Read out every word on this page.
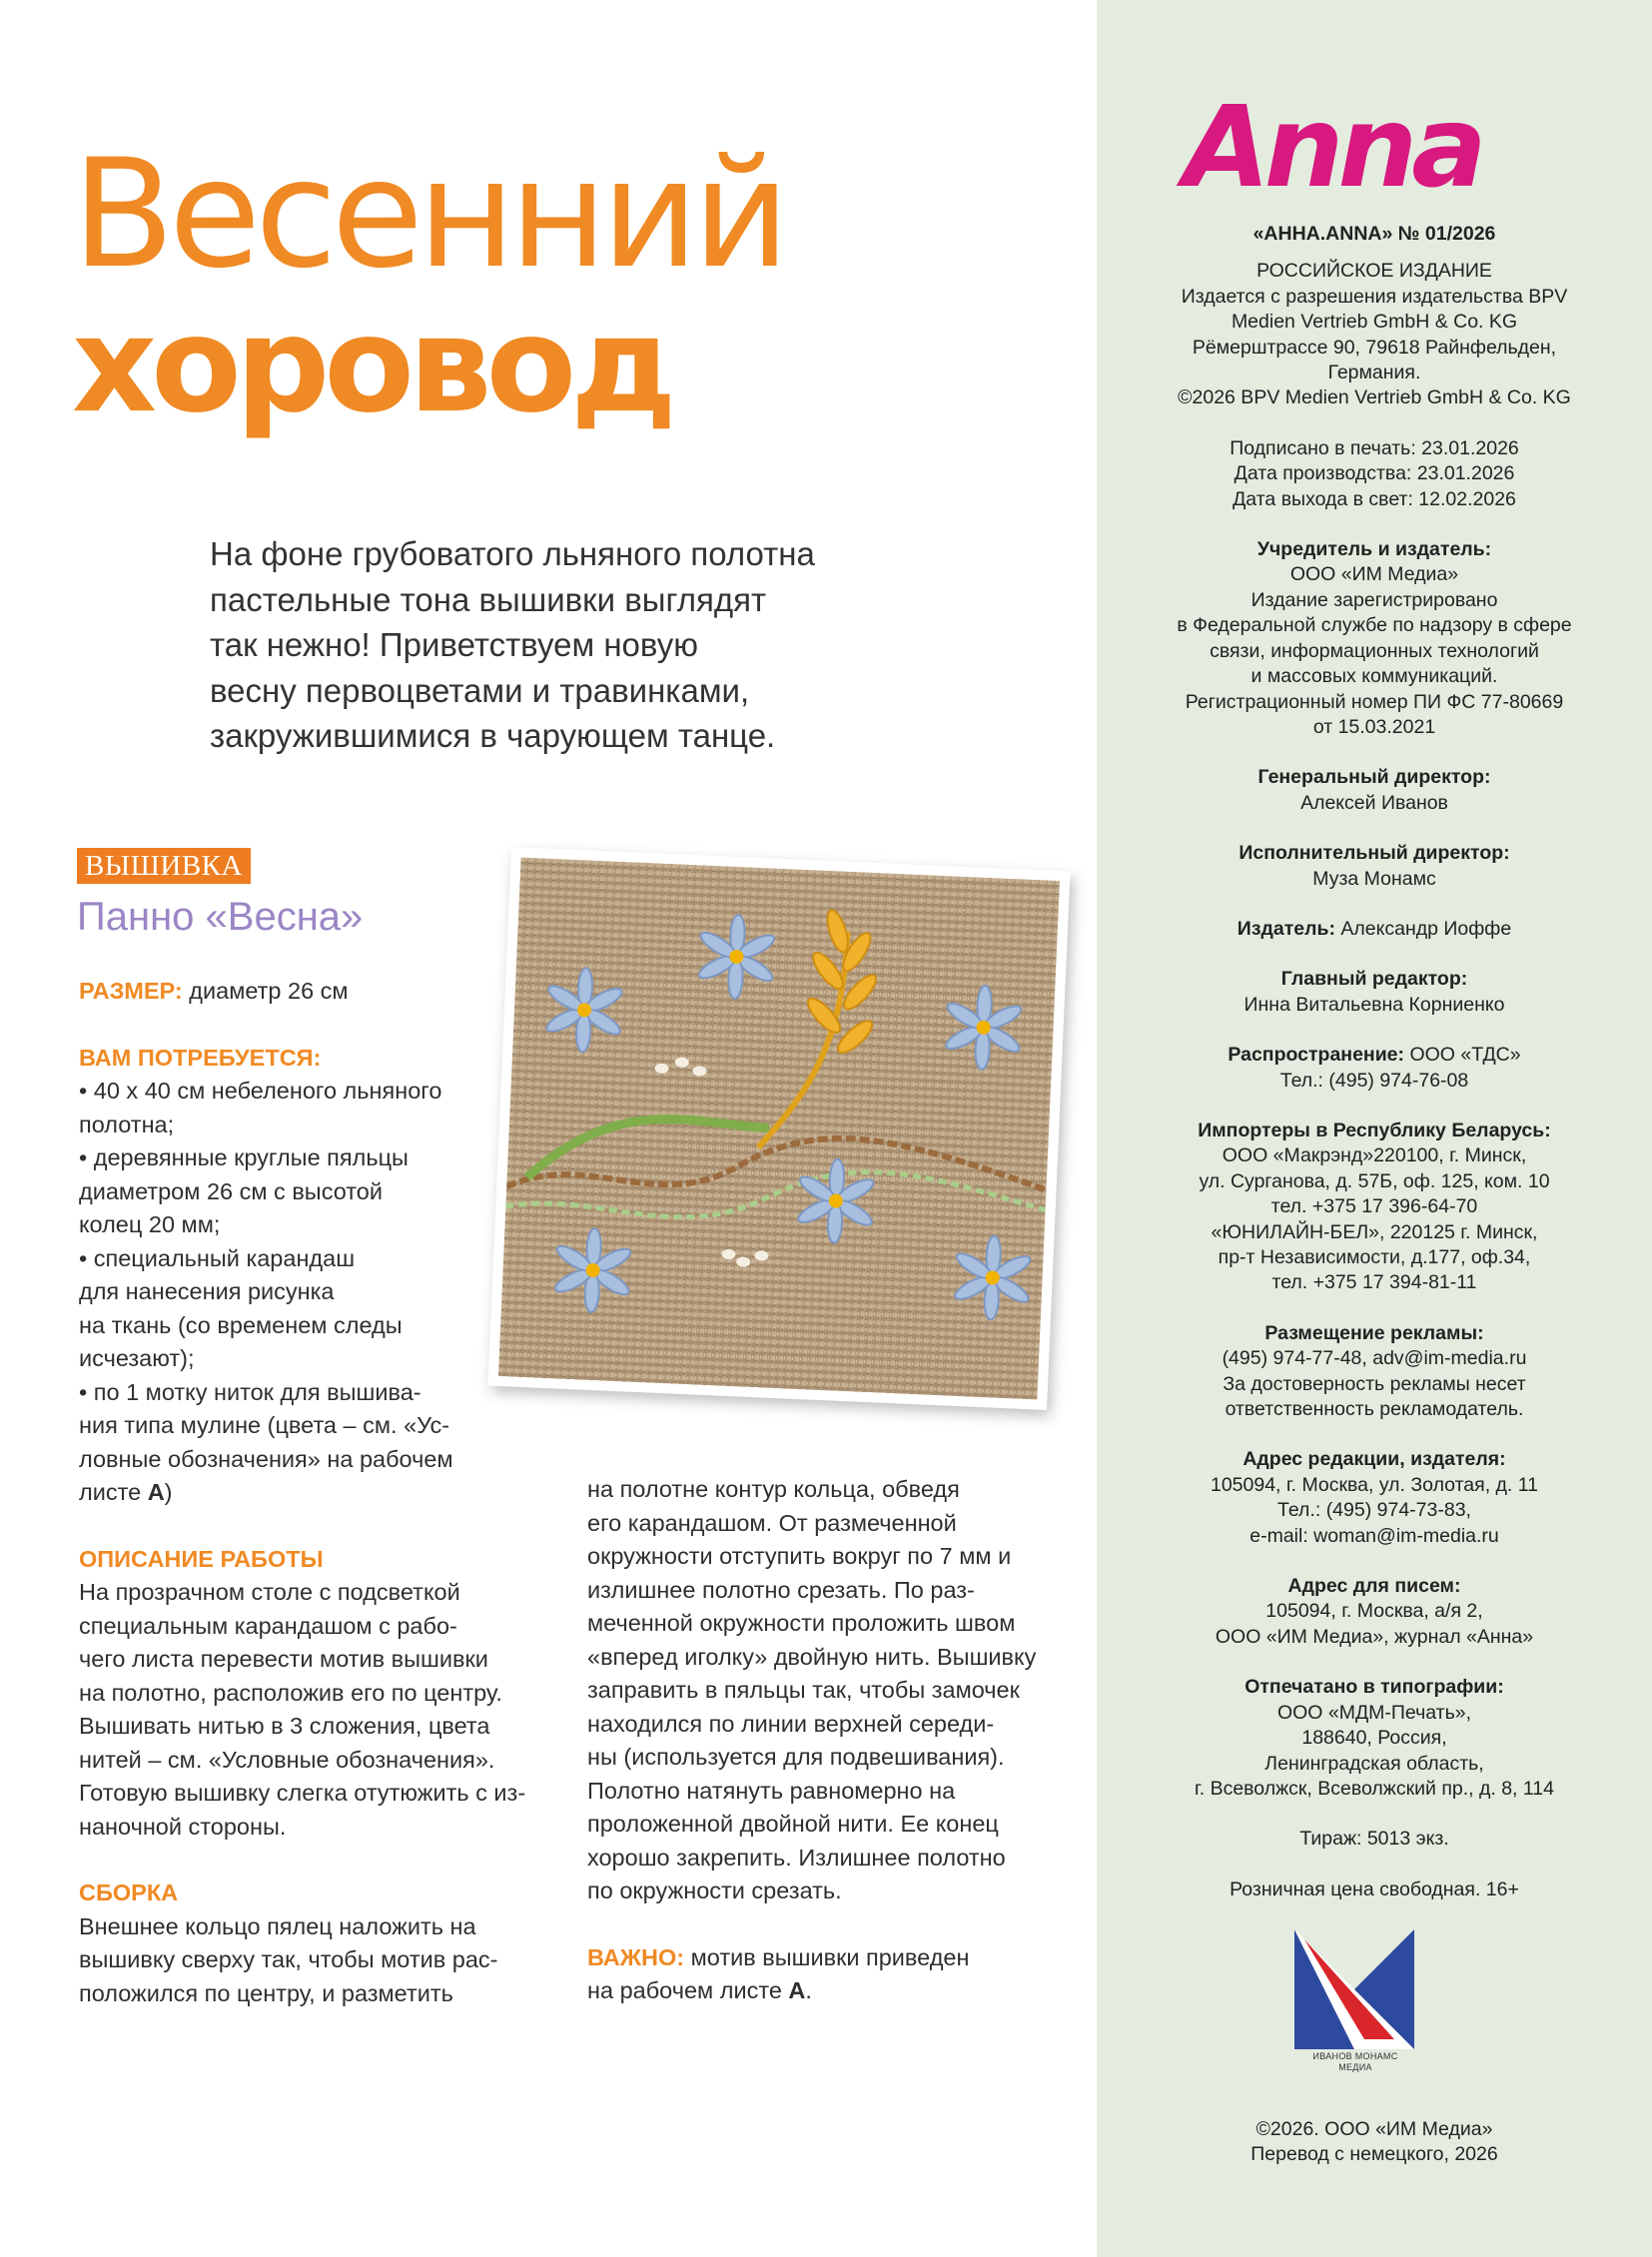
Весенний
хоровод

На фоне грубоватого льняного полотна

пастельные тона вышивки выглядят

так нежно! Приветствуем новую

весну первоцветами и травинками,

закружившимися в чарующем танце.

ВЫШИВКА
Панно «Весна»

РАЗМЕР: диаметр 26 см

ВАМ ПОТРЕБУЕТСЯ:

• 40 х 40 см небеленого льняного

полотна;

• деревянные круглые пяльцы

диаметром 26 см с высотой

колец 20 мм;

• специальный карандаш

для нанесения рисунка

на ткань (со временем следы

исчезают);

• по 1 мотку ниток для вышива-

ния типа мулине (цвета – см. «Ус-

ловные обозначения» на рабочем

листе А)

ОПИСАНИЕ РАБОТЫ

На прозрачном столе с подсветкой

специальным карандашом с рабо-

чего листа перевести мотив вышивки

на полотно, расположив его по центру.

Вышивать нитью в 3 сложения, цвета

нитей – см. «Условные обозначения».

Готовую вышивку слегка отутюжить с из-

наночной стороны.

СБОРКА

Внешнее кольцо пялец наложить на

вышивку сверху так, чтобы мотив рас-

положился по центру, и разметить

на полотне контур кольца, обведя

его карандашом. От размеченной

окружности отступить вокруг по 7 мм и

излишнее полотно срезать. По раз-

меченной окружности проложить швом

«вперед иголку» двойную нить. Вышивку

заправить в пяльцы так, чтобы замочек

находился по линии верхней середи-

ны (используется для подвешивания).

Полотно натянуть равномерно на

проложенной двойной нити. Ее конец

хорошо закрепить. Излишнее полотно

по окружности срезать.

ВАЖНО: мотив вышивки приведен

на рабочем листе А.

Anna

«АННА.ANNA» № 01/2026

РОССИЙСКОЕ ИЗДАНИЕ

Издается с разрешения издательства BPV

Medien Vertrieb GmbH & Co. KG

Рёмерштрассе 90, 79618 Райнфельден,

Германия.

©2026 BPV Medien Vertrieb GmbH & Co. KG

Подписано в печать: 23.01.2026

Дата производства: 23.01.2026

Дата выхода в свет: 12.02.2026

Учредитель и издатель:

ООО «ИМ Медиа»

Издание зарегистрировано

в Федеральной службе по надзору в сфере

связи, информационных технологий

и массовых коммуникаций.

Регистрационный номер ПИ ФС 77-80669

от 15.03.2021

Генеральный директор:

Алексей Иванов

Исполнительный директор:

Муза Монамс

Издатель: Александр Иоффе

Главный редактор:

Инна Витальевна Корниенко

Распространение: ООО «ТДС»

Тел.: (495) 974-76-08

Импортеры в Республику Беларусь:

ООО «Макрэнд»220100, г. Минск,

ул. Сурганова, д. 57Б, оф. 125, ком. 10

тел. +375 17 396-64-70

«ЮНИЛАЙН-БЕЛ», 220125 г. Минск,

пр-т Независимости, д.177, оф.34,

тел. +375 17 394-81-11

Размещение рекламы:

(495) 974-77-48, adv@im-media.ru

За достоверность рекламы несет

ответственность рекламодатель.

Адрес редакции, издателя:

105094, г. Москва, ул. Золотая, д. 11

Тел.: (495) 974-73-83,

e-mail: woman@im-media.ru

Адрес для писем:

105094, г. Москва, а/я 2,

ООО «ИМ Медиа», журнал «Анна»

Отпечатано в типографии:

ООО «МДМ-Печать»,

188640, Россия,

Ленинградская область,

г. Всеволжск, Всеволжский пр., д. 8, 114

Тираж: 5013 экз.

Розничная цена свободная. 16+

ИВАНОВ МОНАМС

МЕДИА

©2026. ООО «ИМ Медиа»

Перевод с немецкого, 2026
